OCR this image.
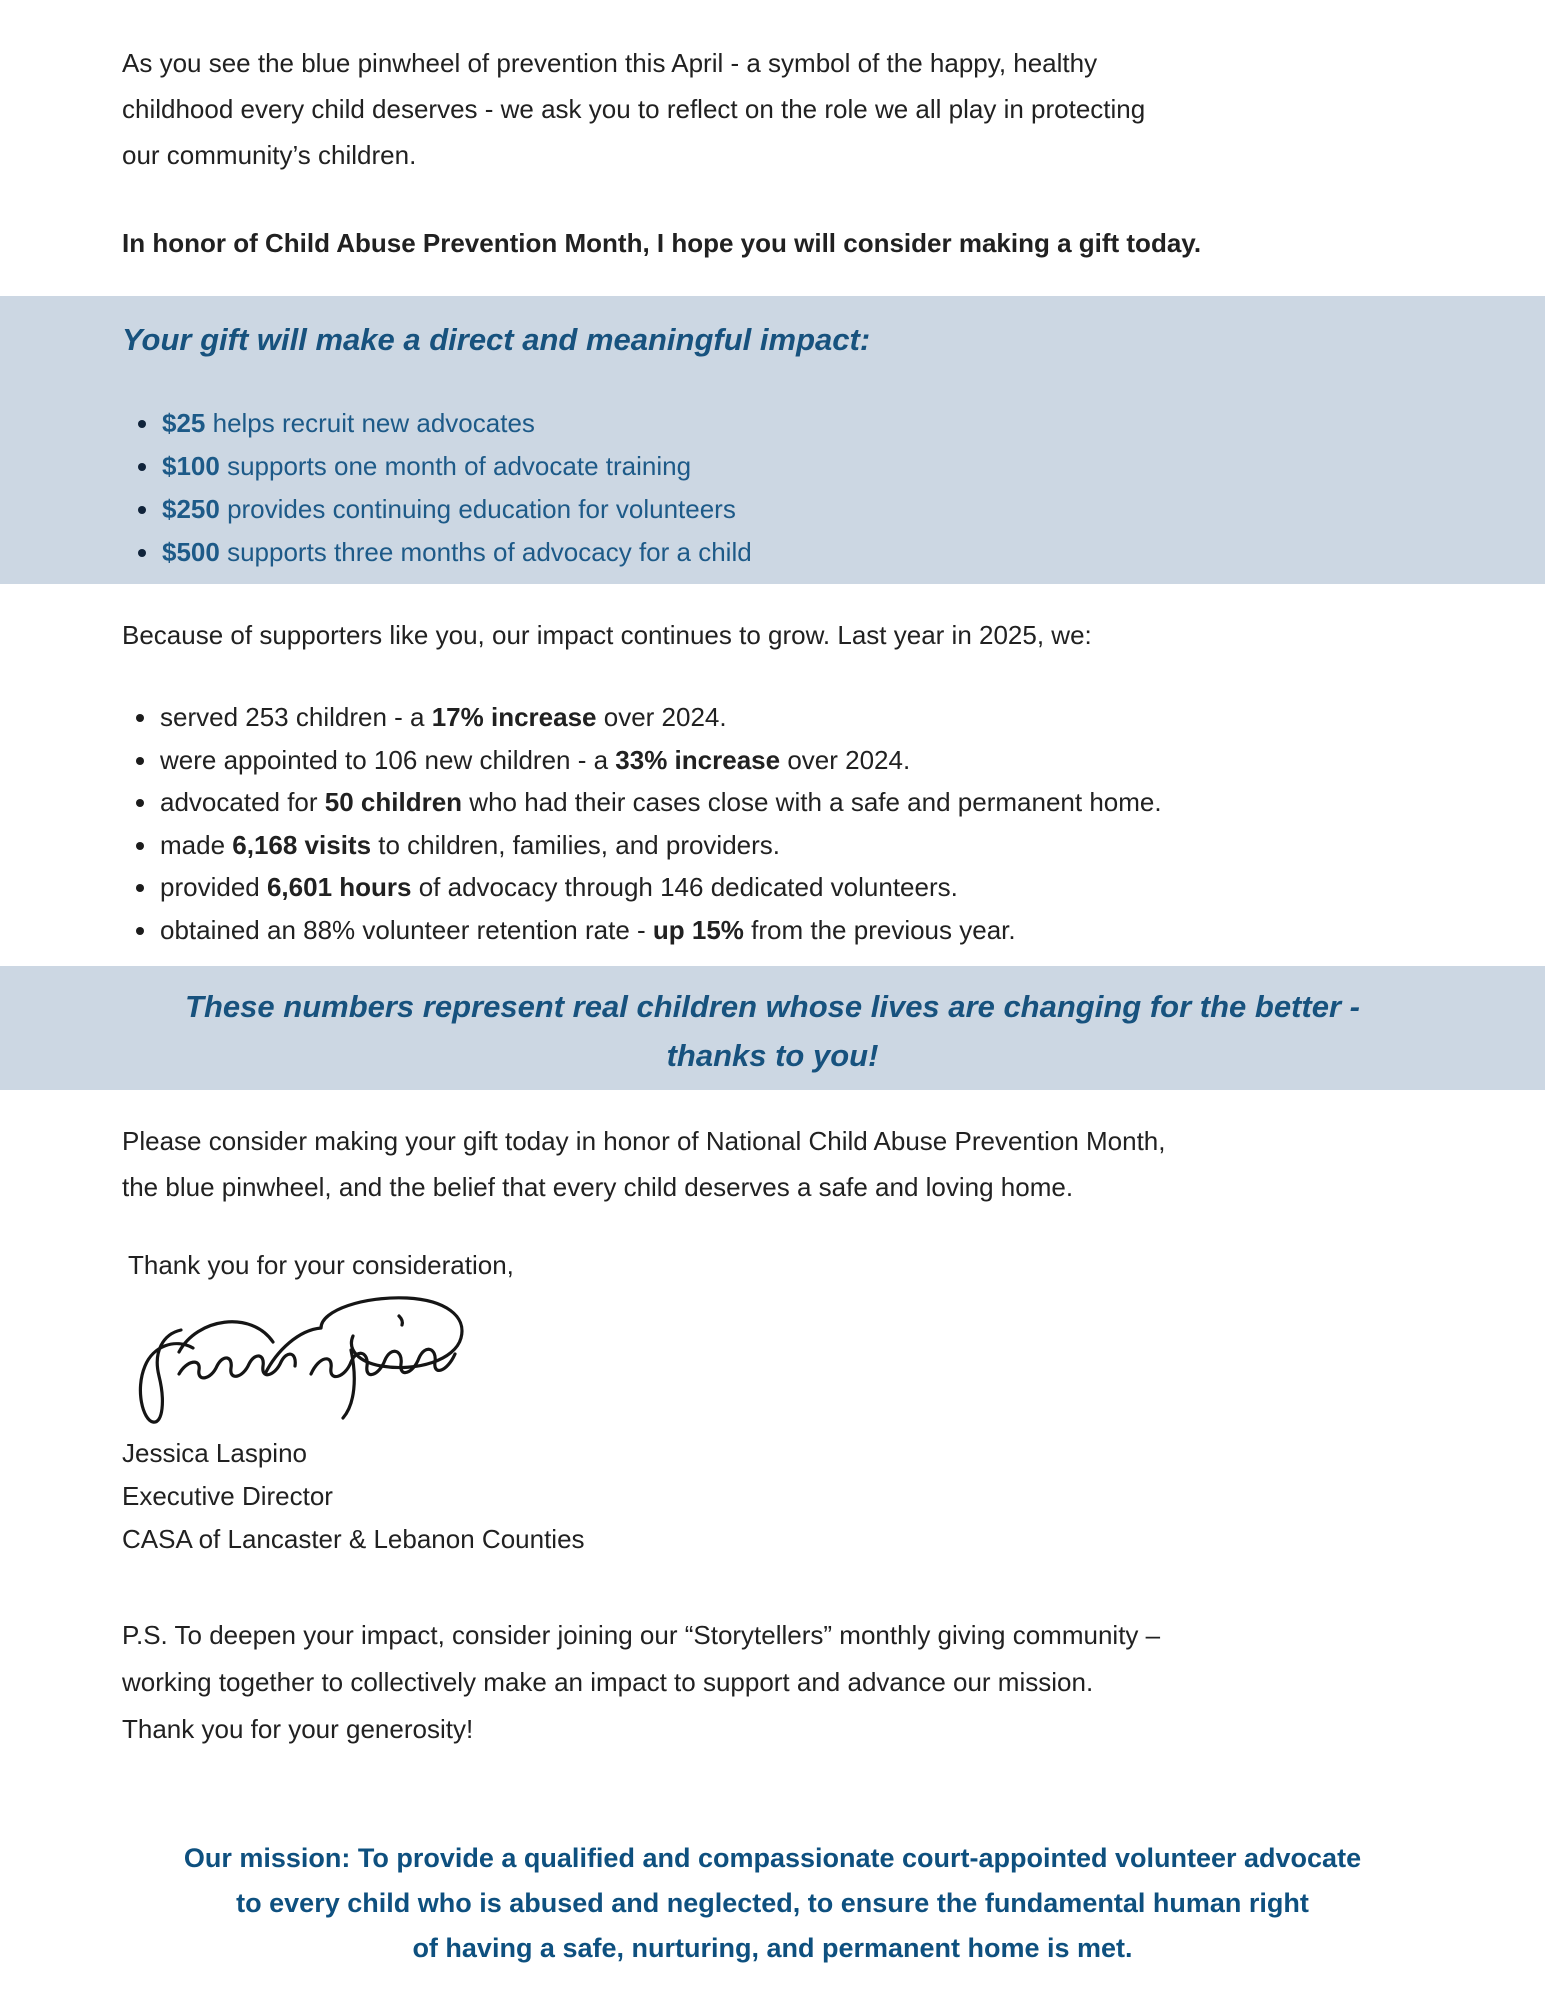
As you see the blue pinwheel of prevention this April - a symbol of the happy, healthy
childhood every child deserves - we ask you to reflect on the role we all play in protecting
our community’s children.

In honor of Child Abuse Prevention Month, I hope you will consider making a gift today.

Your gift will make a direct and meaningful impact:
$25 helps recruit new advocates
$100 supports one month of advocate training
$250 provides continuing education for volunteers
$500 supports three months of advocacy for a child

Because of supporters like you, our impact continues to grow. Last year in 2025, we:

served 253 children - a 17% increase over 2024.
were appointed to 106 new children - a 33% increase over 2024.
advocated for 50 children who had their cases close with a safe and permanent home.
made 6,168 visits to children, families, and providers.
provided 6,601 hours of advocacy through 146 dedicated volunteers.
obtained an 88% volunteer retention rate - up 15% from the previous year.
These numbers represent real children whose lives are changing for the better -
thanks to you!

Please consider making your gift today in honor of National Child Abuse Prevention Month,
the blue pinwheel, and the belief that every child deserves a safe and loving home.

Thank you for your consideration,

Jessica Laspino
Executive Director
CASA of Lancaster & Lebanon Counties

P.S. To deepen your impact, consider joining our “Storytellers” monthly giving community –
working together to collectively make an impact to support and advance our mission.
Thank you for your generosity!

Our mission: To provide a qualified and compassionate court-appointed volunteer advocate
to every child who is abused and neglected, to ensure the fundamental human right
of having a safe, nurturing, and permanent home is met.
